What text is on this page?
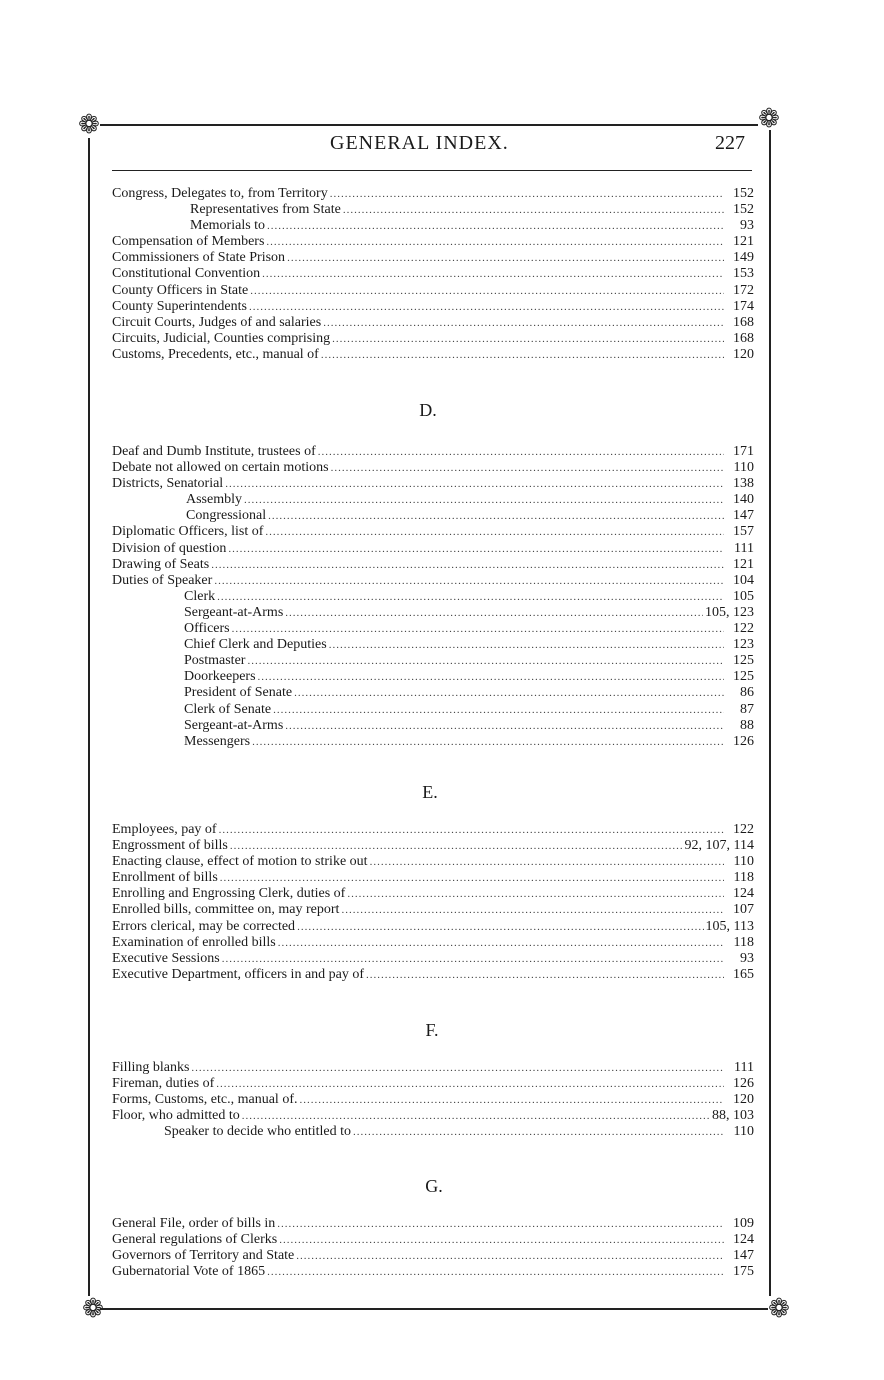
❁	❁
❁	❁
GENERAL INDEX.	227
Congress, Delegates to, from Territory .....	152
Representatives from State .....	152
Memorials to .....	93
Compensation of Members .....	121
Commissioners of State Prison .....	149
Constitutional Convention .....	153
County Officers in State .....	172
County Superintendents .....	174
Circuit Courts, Judges of and salaries .....	168
Circuits, Judicial, Counties comprising .....	168
Customs, Precedents, etc., manual of .....	120
D.
Deaf and Dumb Institute, trustees of .....	171
Debate not allowed on certain motions .....	110
Districts, Senatorial .....	138
Assembly .....	140
Congressional .....	147
Diplomatic Officers, list of .....	157
Division of question .....	111
Drawing of Seats .....	121
Duties of Speaker .....	104
Clerk .....	105
Sergeant-at-Arms .....	105, 123
Officers .....	122
Chief Clerk and Deputies .....	123
Postmaster .....	125
Doorkeepers .....	125
President of Senate .....	86
Clerk of Senate .....	87
Sergeant-at-Arms .....	88
Messengers .....	126
E.
Employees, pay of .....	122
Engrossment of bills .....	92, 107, 114
Enacting clause, effect of motion to strike out .....	110
Enrollment of bills .....	118
Enrolling and Engrossing Clerk, duties of .....	124
Enrolled bills, committee on, may report .....	107
Errors clerical, may be corrected .....	105, 113
Examination of enrolled bills .....	118
Executive Sessions .....	93
Executive Department, officers in and pay of .....	165
F.
Filling blanks .....	111
Fireman, duties of .....	126
Forms, Customs, etc., manual of. .....	120
Floor, who admitted to .....	88, 103
Speaker to decide who entitled to .....	110
G.
General File, order of bills in .....	109
General regulations of Clerks .....	124
Governors of Territory and State .....	147
Gubernatorial Vote of 1865 .....	175
